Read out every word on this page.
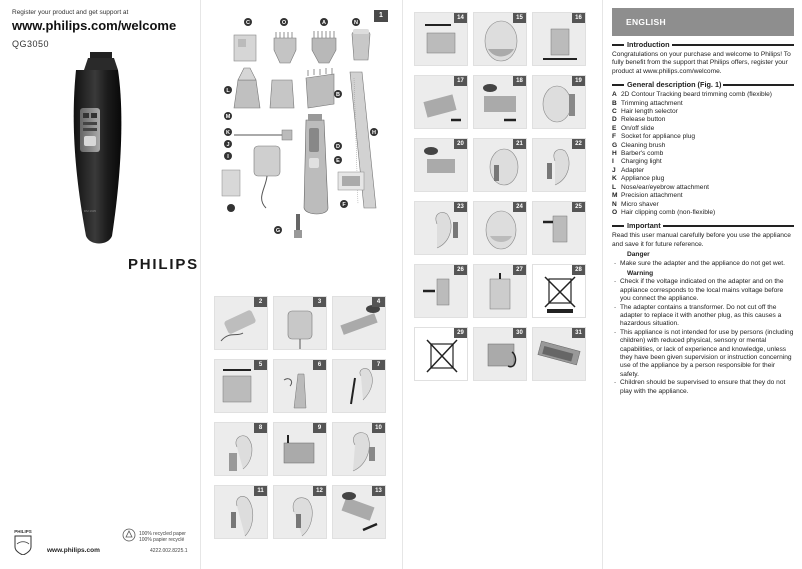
Register your product and get support at
www.philips.com/welcome
QG3050
DM 1935
PHILIPS
PHILIPS
www.philips.com
100% recycled paper
100% papier recyclé
4222.002.8225.1
1
C	O	A	N
L
M
B
H
K
J	D
E
I
F
G
2	3	4
5	6	7
8	9	10
11	12	13
14	15	16
17	18	19
20	21	22
23	24	25
26	27	28
29	30	31
ENGLISH
Introduction
Congratulations on your purchase and welcome to Philips! To fully benefit from the support that Philips offers, register your product at www.philips.com/welcome.
General description (Fig. 1)
A 2D Contour Tracking beard trimming comb (flexible)
B Trimming attachment
C Hair length selector
D Release button
E On/off slide
F Socket for appliance plug
G Cleaning brush
H Barber's comb
I	Charging light
J Adapter
K Appliance plug
L Nose/ear/eyebrow attachment
M Precision attachment
N Micro shaver
O Hair clipping comb (non-flexible)
Important
Read this user manual carefully before you use the appliance and save it for future reference.
Danger
- Make sure the adapter and the appliance do not get wet.
Warning
- Check if the voltage indicated on the adapter and on the appliance corresponds to the local mains voltage before you connect the appliance.
- The adapter contains a transformer. Do not cut off the adapter to replace it with another plug, as this causes a hazardous situation.
- This appliance is not intended for use by persons (including children) with reduced physical, sensory or mental capabilities, or lack of experience and knowledge, unless they have been given supervision or instruction concerning use of the appliance by a person responsible for their safety.
- Children should be supervised to ensure that they do not play with the appliance.
